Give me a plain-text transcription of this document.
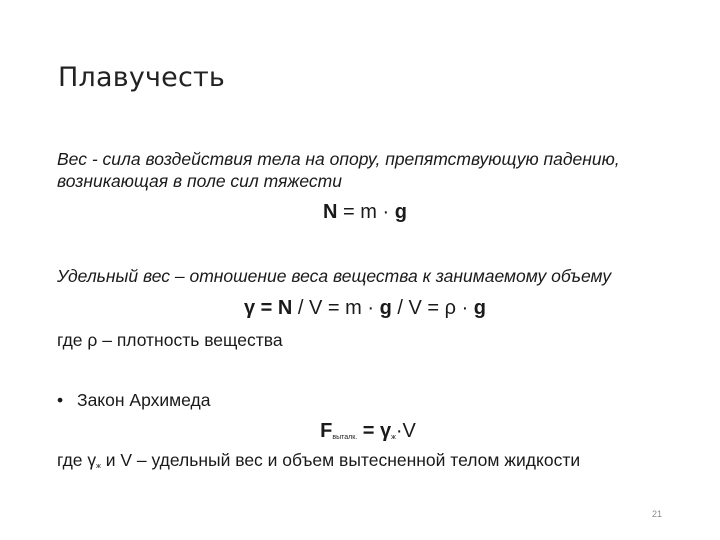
Плавучесть
Вес - сила воздействия тела на опору, препятствующую падению, возникающая в поле сил тяжести
N = m · g
Удельный вес – отношение веса вещества к занимаемому объему
γ = N / V = m · g / V = ρ · g
где ρ – плотность вещества
• Закон Архимеда
Fвыталк. = γж·V
где γж и V – удельный вес и объем вытесненной телом жидкости
21
